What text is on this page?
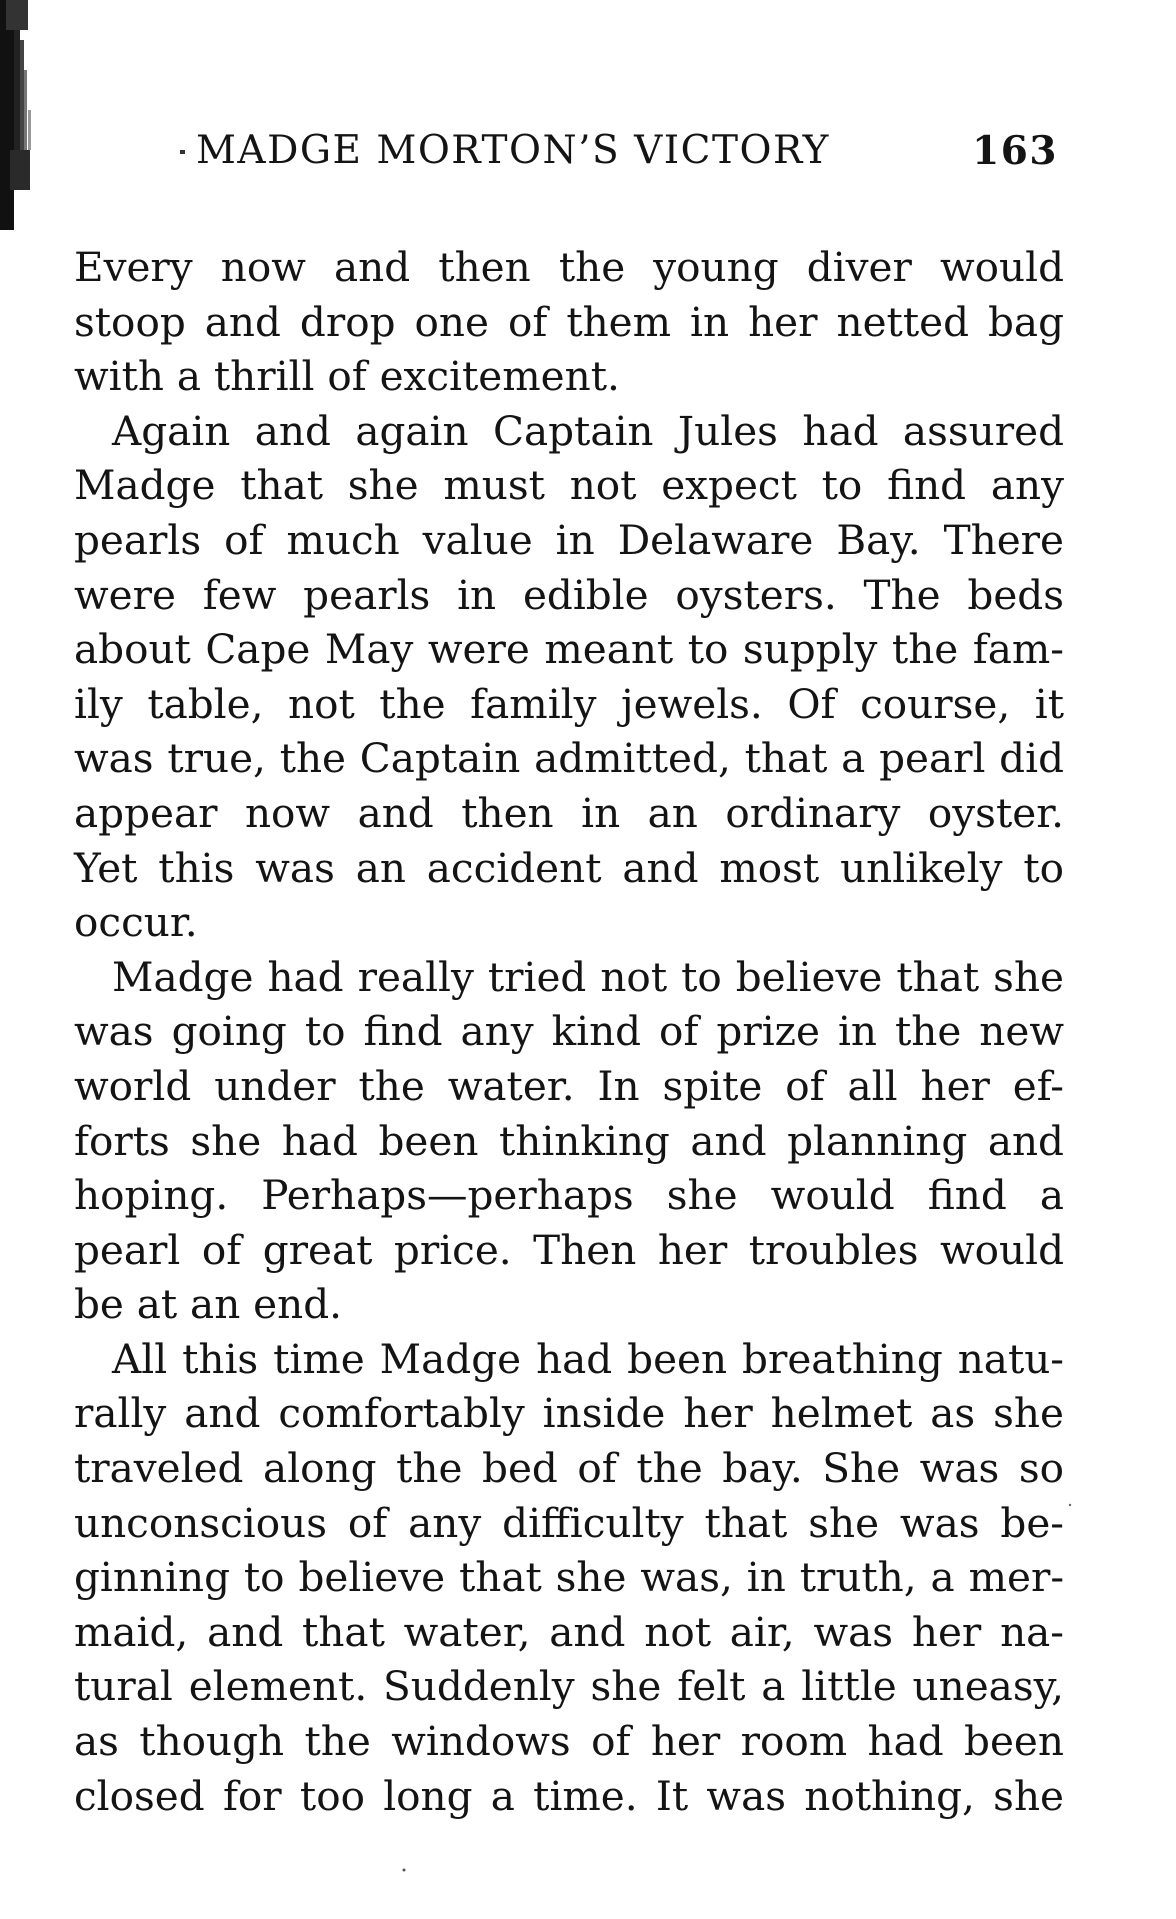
MADGE MORTON’S VICTORY	163

Every now and then the young diver would
stoop and drop one of them in her netted bag
with a thrill of excitement.

Again and again Captain Jules had assured
Madge that she must not expect to find any
pearls of much value in Delaware Bay. There
were few pearls in edible oysters. The beds
about Cape May were meant to supply the fam-
ily table, not the family jewels. Of course, it
was true, the Captain admitted, that a pearl did
appear now and then in an ordinary oyster.
Yet this was an accident and most unlikely to
occur.

Madge had really tried not to believe that she
was going to find any kind of prize in the new
world under the water. In spite of all her ef-
forts she had been thinking and planning and
hoping. Perhaps—perhaps she would find a
pearl of great price. Then her troubles would
be at an end.

All this time Madge had been breathing natu-
rally and comfortably inside her helmet as she
traveled along the bed of the bay. She was so
unconscious of any difficulty that she was be-
ginning to believe that she was, in truth, a mer-
maid, and that water, and not air, was her na-
tural element. Suddenly she felt a little uneasy,
as though the windows of her room had been
closed for too long a time. It was nothing, she
